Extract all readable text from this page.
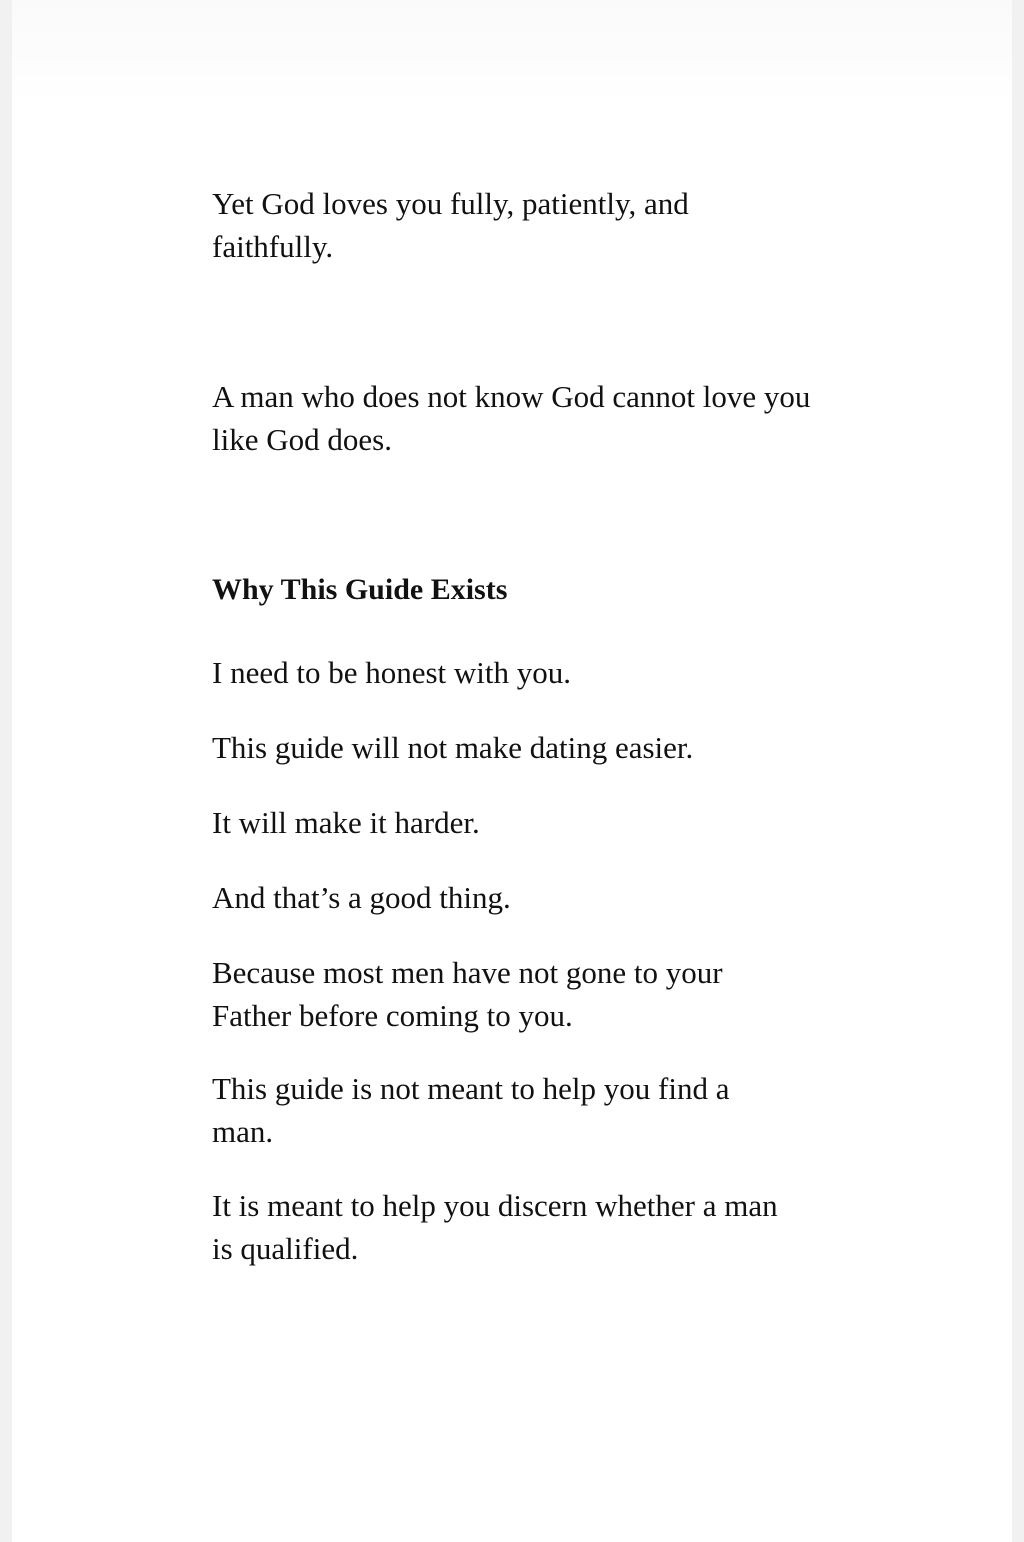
Yet God loves you fully, patiently, and faithfully.

A man who does not know God cannot love you like God does.

Why This Guide Exists

I need to be honest with you.

This guide will not make dating easier.

It will make it harder.

And that’s a good thing.

Because most men have not gone to your Father before coming to you.

This guide is not meant to help you find a man.

It is meant to help you discern whether a man is qualified.
